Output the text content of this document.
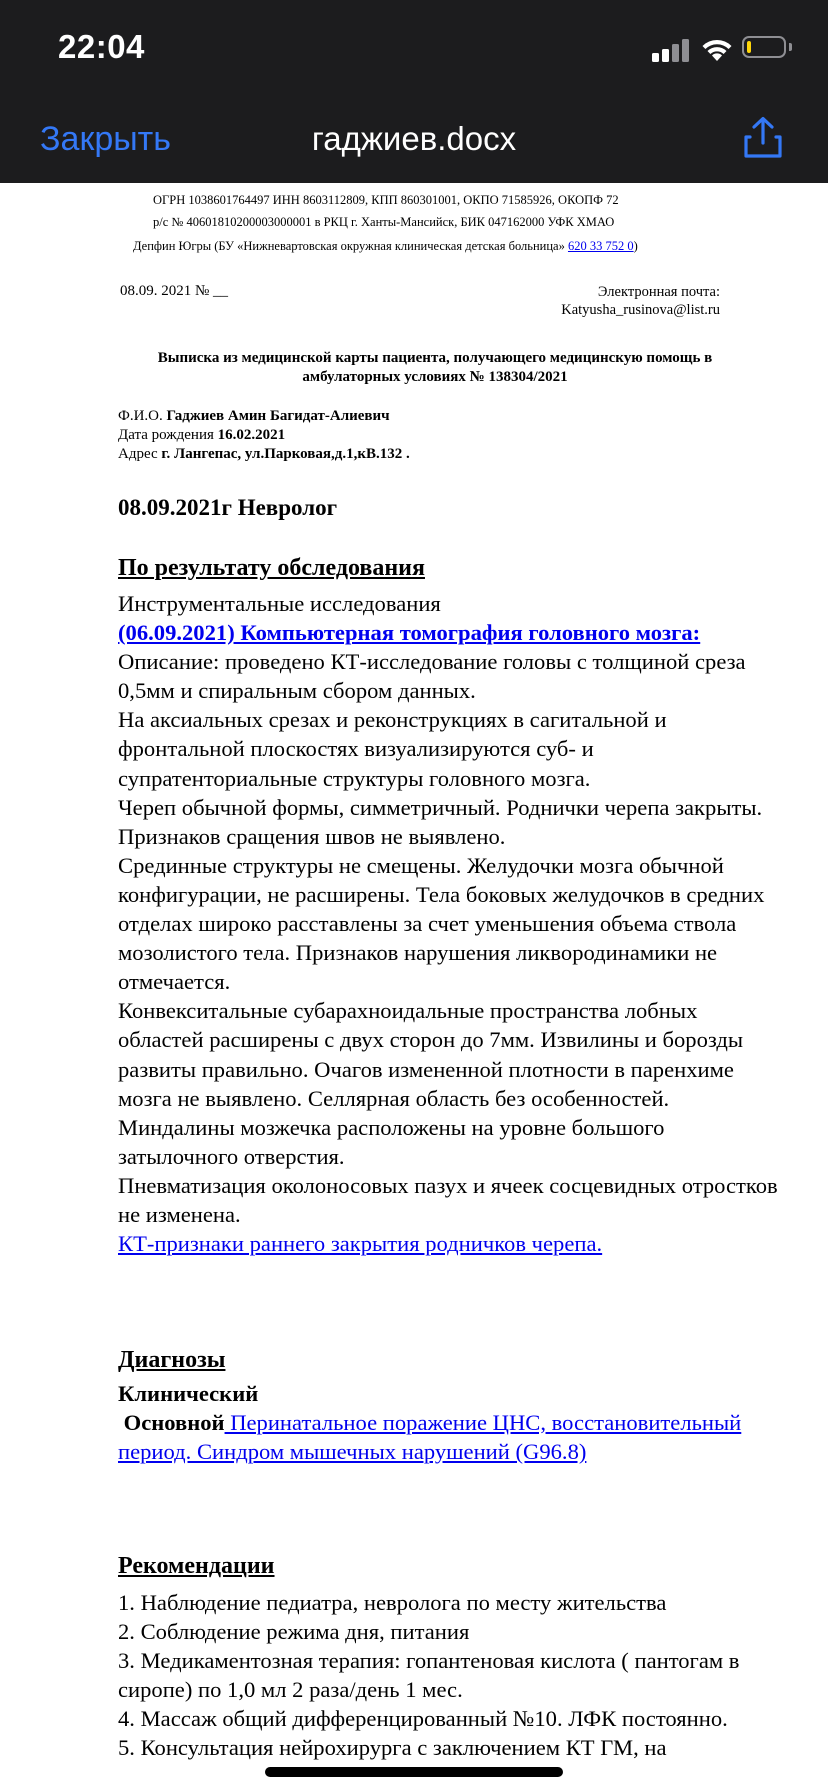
22:04
Закрыть	гаджиев.docx
ОГРН 1038601764497 ИНН 8603112809, КПП 860301001, ОКПО 71585926, ОКОПФ 72
р/с № 40601810200003000001 в РКЦ г. Ханты-Мансийск, БИК 047162000 УФК ХМАО
Депфин Югры (БУ «Нижневартовская окружная клиническая детская больница» 620 33 752 0)
08.09. 2021 № __	Электронная почта:
Katyusha_rusinova@list.ru
Выписка из медицинской карты пациента, получающего медицинскую помощь в амбулаторных условиях № 138304/2021
Ф.И.О. Гаджиев Амин Багидат-Алиевич
Дата рождения 16.02.2021
Адрес г. Лангепас, ул.Парковая,д.1,кВ.132 .
08.09.2021г Невролог
По результату обследования
Инструментальные исследования
(06.09.2021) Компьютерная томография головного мозга:
Описание: проведено КТ-исследование головы с толщиной среза 0,5мм и спиральным сбором данных.
На аксиальных срезах и реконструкциях в сагитальной и фронтальной плоскостях визуализируются суб- и супратенториальные структуры головного мозга.
Череп обычной формы, симметричный. Роднички черепа закрыты. Признаков сращения швов не выявлено.
Срединные структуры не смещены. Желудочки мозга обычной конфигурации, не расширены. Тела боковых желудочков в средних отделах широко расставлены за счет уменьшения объема ствола мозолистого тела. Признаков нарушения ликвородинамики не отмечается.
Конвекситальные субарахноидальные пространства лобных областей расширены с двух сторон до 7мм. Извилины и борозды развиты правильно. Очагов измененной плотности в паренхиме мозга не выявлено. Селлярная область без особенностей.
Миндалины мозжечка расположены на уровне большого затылочного отверстия.
Пневматизация околоносовых пазух и ячеек сосцевидных отростков не изменена.
КТ-признаки раннего закрытия родничков черепа.
Диагнозы
Клинический
Основной Перинатальное поражение ЦНС, восстановительный период. Синдром мышечных нарушений (G96.8)
Рекомендации
1. Наблюдение педиатра, невролога по месту жительства
2. Соблюдение режима дня, питания
3. Медикаментозная терапия: гопантеновая кислота ( пантогам в сиропе) по 1,0 мл 2 раза/день 1 мес.
4. Массаж общий дифференцированный №10. ЛФК постоянно.
5. Консультация нейрохирурга с заключением КТ ГМ, на
